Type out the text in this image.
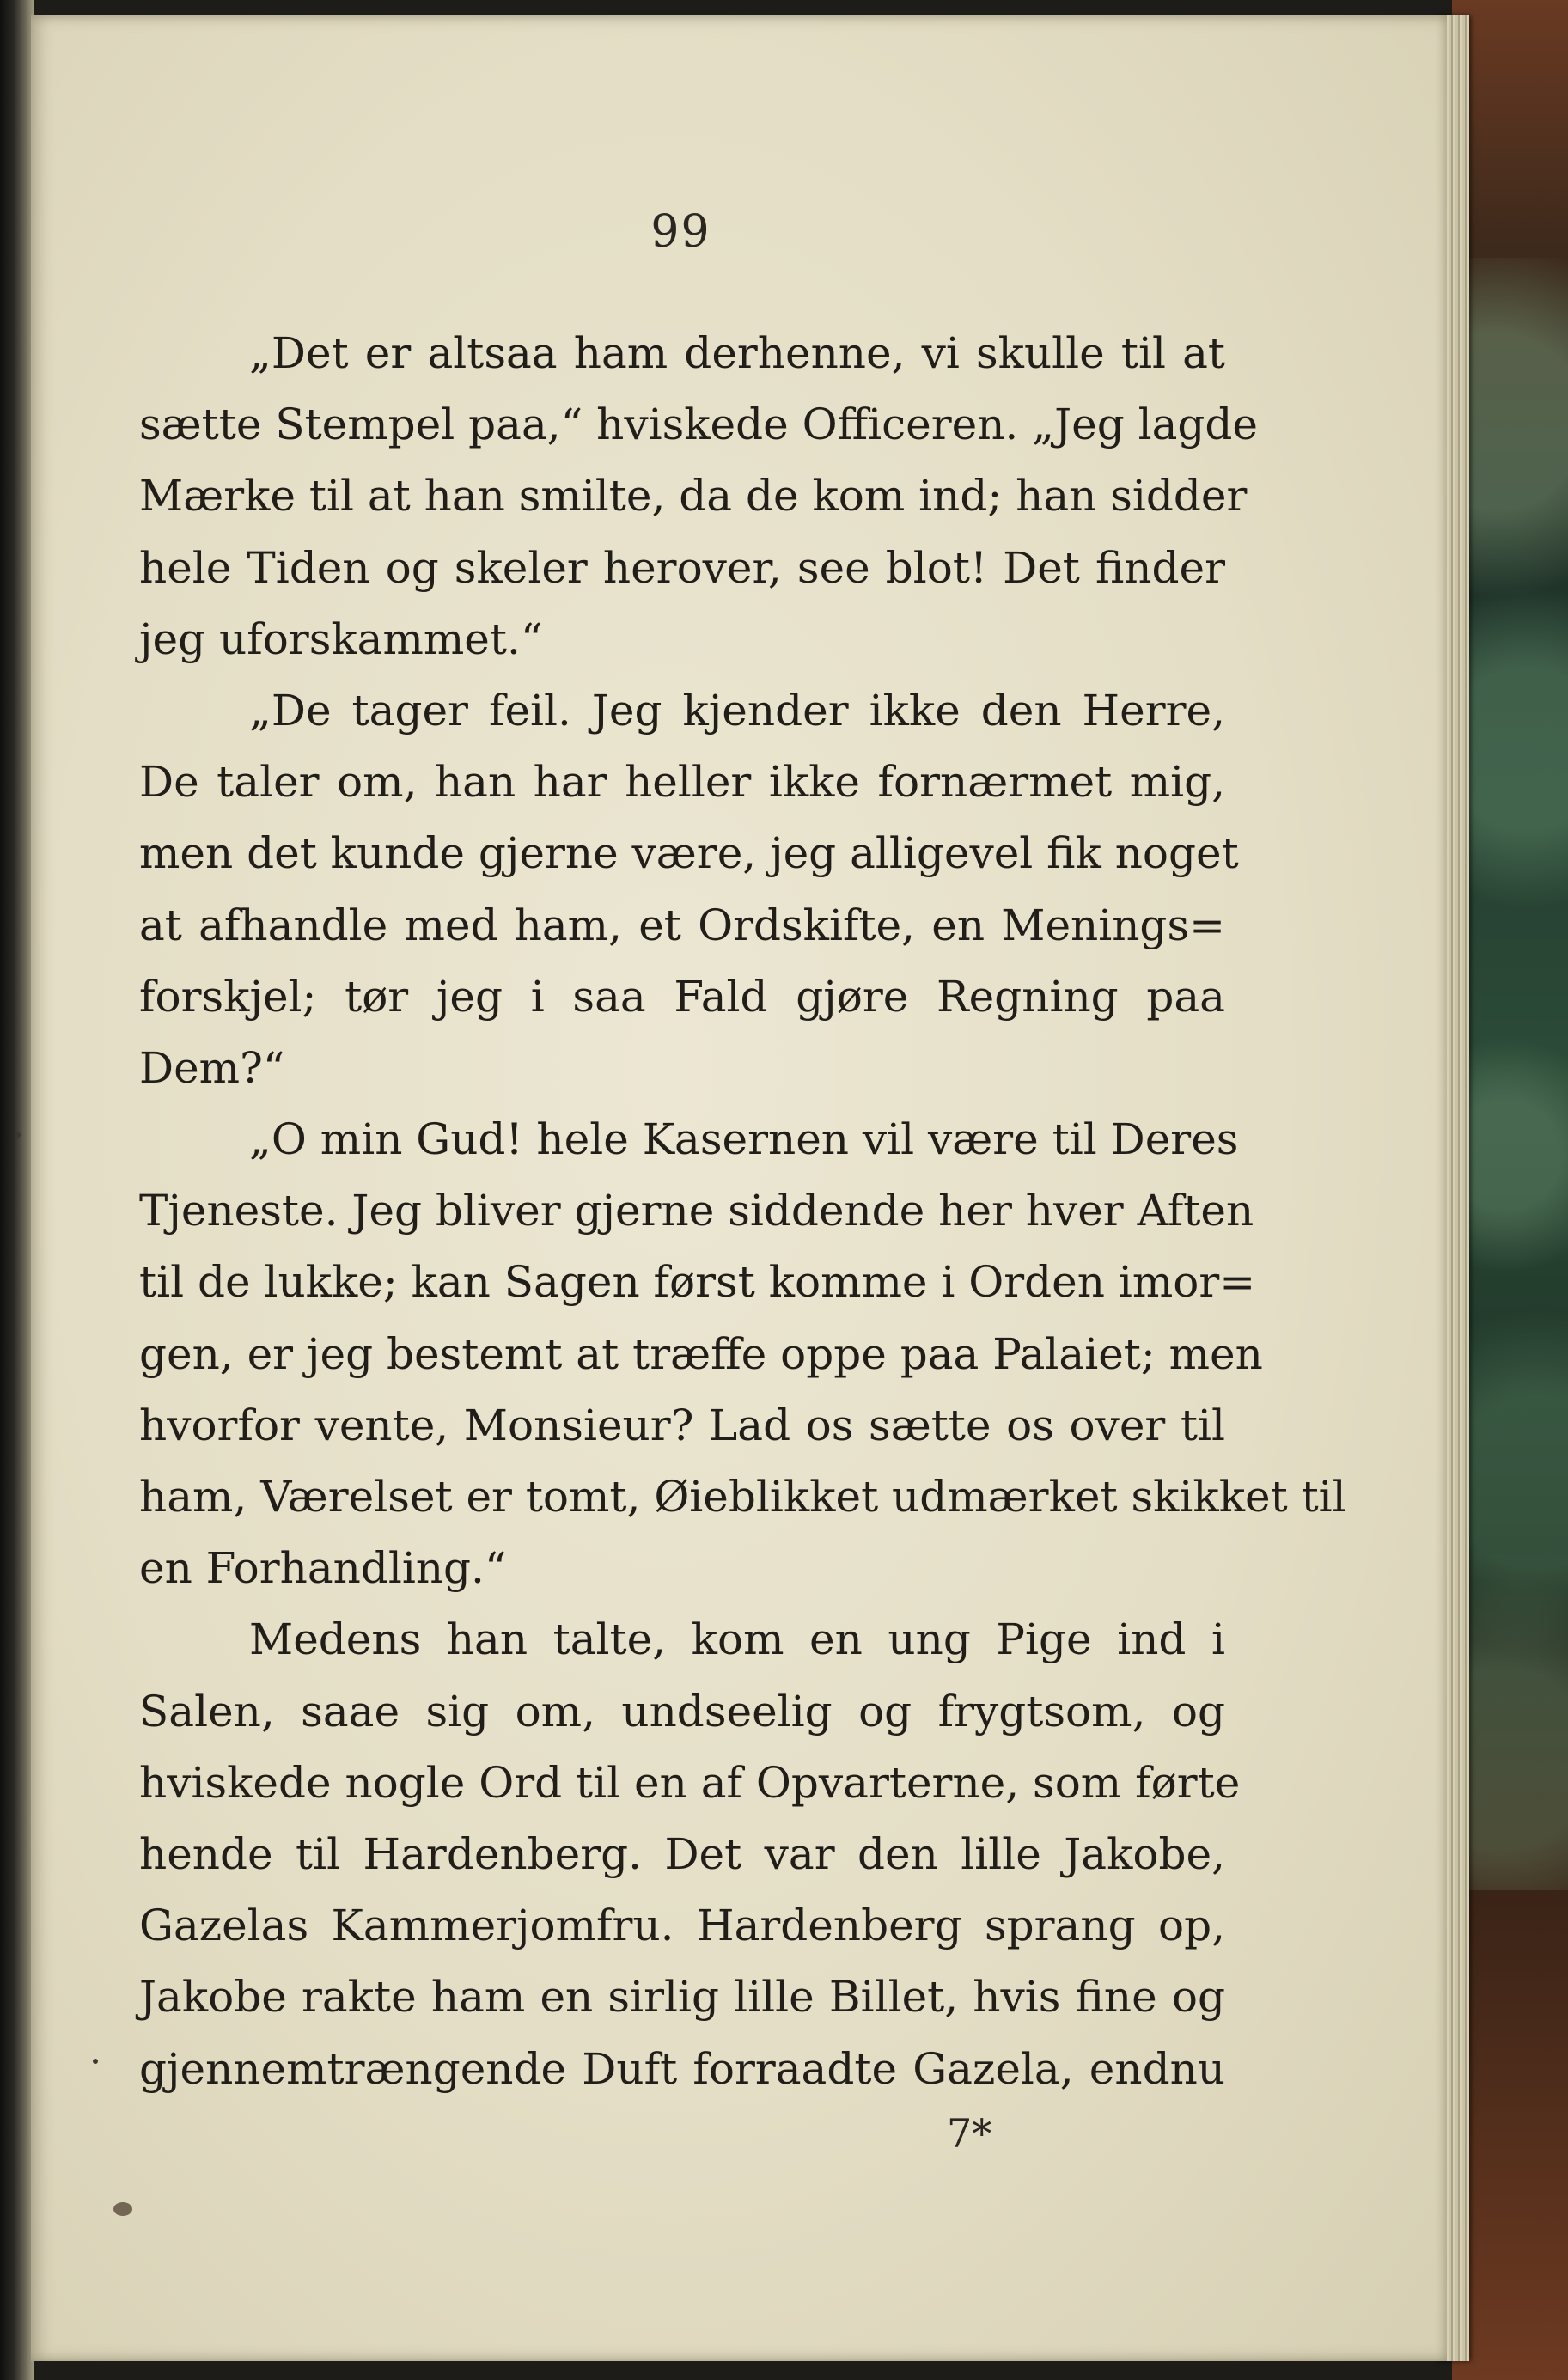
99
„Det er altsaa ham derhenne, vi skulle til at
sætte Stempel paa,“ hviskede Officeren. „Jeg lagde
Mærke til at han smilte, da de kom ind; han sidder
hele Tiden og skeler herover, see blot! Det finder
jeg uforskammet.“
„De tager feil. Jeg kjender ikke den Herre,
De taler om, han har heller ikke fornærmet mig,
men det kunde gjerne være, jeg alligevel fik noget
at afhandle med ham, et Ordskifte, en Menings=
forskjel; tør jeg i saa Fald gjøre Regning paa
Dem?“
„O min Gud! hele Kasernen vil være til Deres
Tjeneste. Jeg bliver gjerne siddende her hver Aften
til de lukke; kan Sagen først komme i Orden imor=
gen, er jeg bestemt at træffe oppe paa Palaiet; men
hvorfor vente, Monsieur? Lad os sætte os over til
ham, Værelset er tomt, Øieblikket udmærket skikket til
en Forhandling.“
Medens han talte, kom en ung Pige ind i
Salen, saae sig om, undseelig og frygtsom, og
hviskede nogle Ord til en af Opvarterne, som førte
hende til Hardenberg. Det var den lille Jakobe,
Gazelas Kammerjomfru. Hardenberg sprang op,
Jakobe rakte ham en sirlig lille Billet, hvis fine og
gjennemtrængende Duft forraadte Gazela, endnu
7*
